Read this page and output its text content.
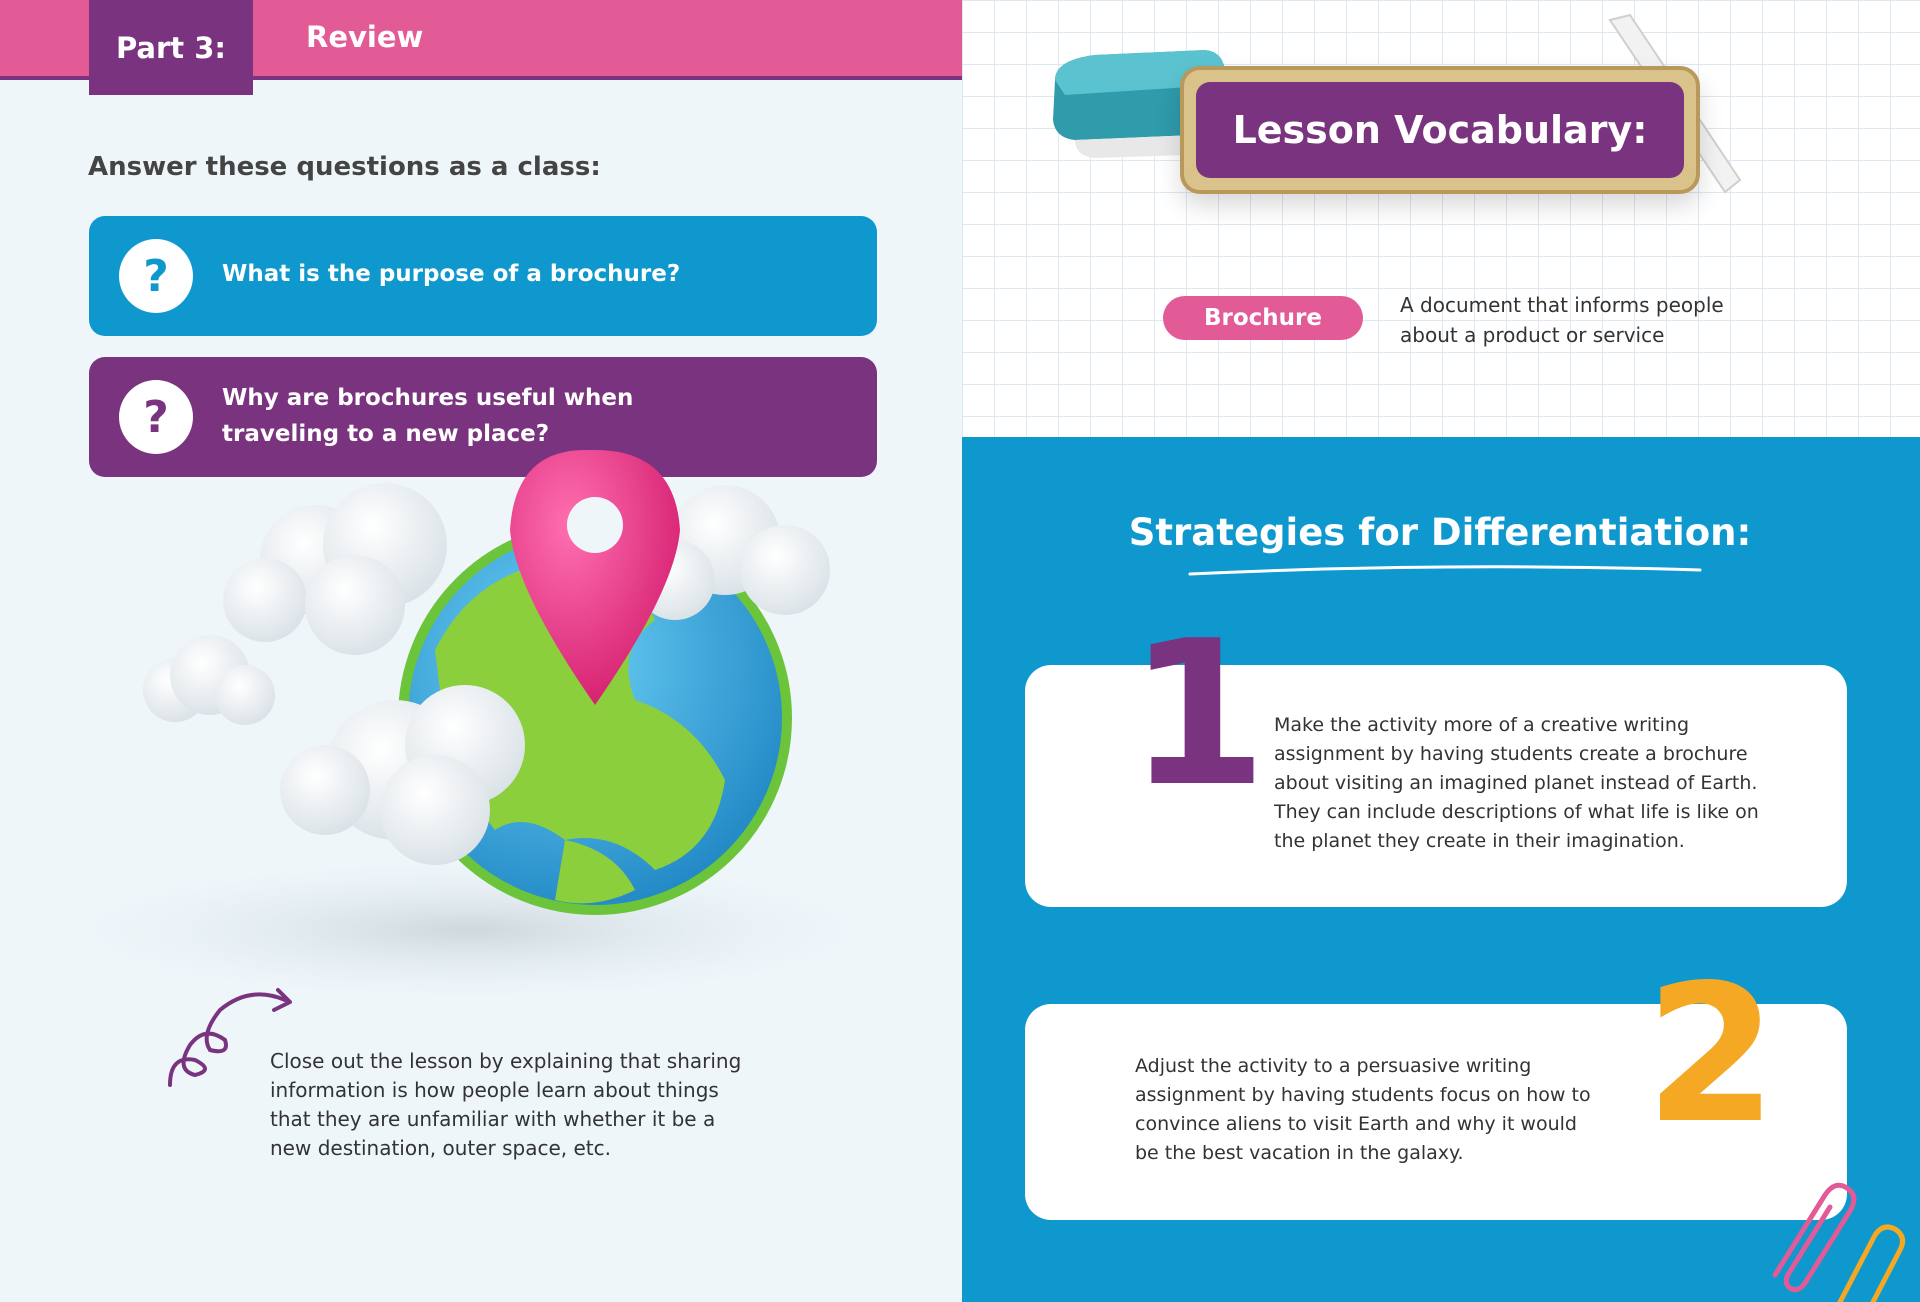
Part 3:	Review
Answer these questions as a class:
?	What is the purpose of a brochure?
?	Why are brochures useful when traveling to a new place?
Close out the lesson by explaining that sharing information is how people learn about things that they are unfamiliar with whether it be a new destination, outer space, etc.
Lesson Vocabulary:
Brochure	A document that informs people about a product or service
Strategies for Differentiation:
1 Make the activity more of a creative writing assignment by having students create a brochure about visiting an imagined planet instead of Earth. They can include descriptions of what life is like on the planet they create in their imagination.
2
Adjust the activity to a persuasive writing assignment by having students focus on how to convince aliens to visit Earth and why it would be the best vacation in the galaxy.
